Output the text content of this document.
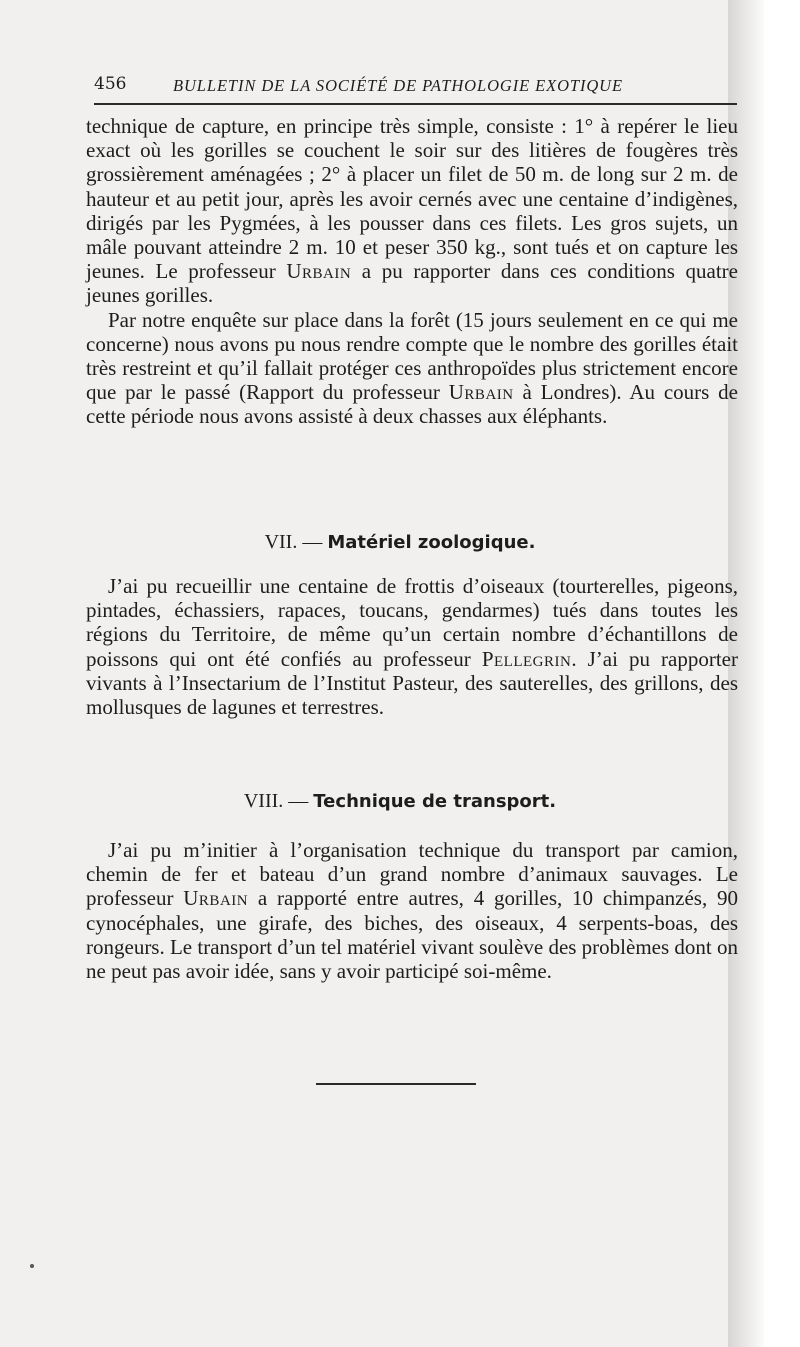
456	BULLETIN DE LA SOCIÉTÉ DE PATHOLOGIE EXOTIQUE

technique de capture, en principe très simple, consiste : 1° à repérer le lieu exact où les gorilles se couchent le soir sur des litières de fougères très grossièrement aménagées ; 2° à placer un filet de 50 m. de long sur 2 m. de hauteur et au petit jour, après les avoir cernés avec une centaine d’indigènes, dirigés par les Pygmées, à les pousser dans ces filets. Les gros sujets, un mâle pouvant atteindre 2 m. 10 et peser 350 kg., sont tués et on capture les jeunes. Le professeur Urbain a pu rapporter dans ces conditions quatre jeunes gorilles.

Par notre enquête sur place dans la forêt (15 jours seulement en ce qui me concerne) nous avons pu nous rendre compte que le nombre des gorilles était très restreint et qu’il fallait protéger ces anthropoïdes plus strictement encore que par le passé (Rapport du professeur Urbain à Londres). Au cours de cette période nous avons assisté à deux chasses aux éléphants.

VII. — Matériel zoologique.

J’ai pu recueillir une centaine de frottis d’oiseaux (tourterelles, pigeons, pintades, échassiers, rapaces, toucans, gendarmes) tués dans toutes les régions du Territoire, de même qu’un certain nombre d’échantillons de poissons qui ont été confiés au professeur Pellegrin. J’ai pu rapporter vivants à l’Insectarium de l’Institut Pasteur, des sauterelles, des grillons, des mollusques de lagunes et terrestres.

VIII. — Technique de transport.

J’ai pu m’initier à l’organisation technique du transport par camion, chemin de fer et bateau d’un grand nombre d’animaux sauvages. Le professeur Urbain a rapporté entre autres, 4 gorilles, 10 chimpanzés, 90 cynocéphales, une girafe, des biches, des oiseaux, 4 serpents-boas, des rongeurs. Le transport d’un tel matériel vivant soulève des problèmes dont on ne peut pas avoir idée, sans y avoir participé soi-même.
